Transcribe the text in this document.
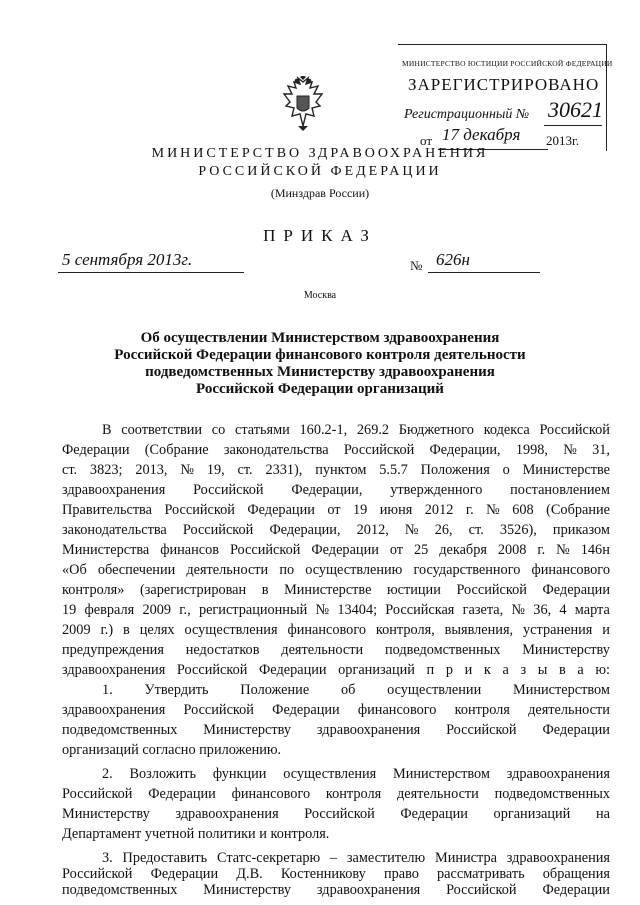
МИНИСТЕРСТВО ЮСТИЦИИ РОССИЙСКОЙ ФЕДЕРАЦИИ
ЗАРЕГИСТРИРОВАНО
Регистрационный № 30621
от 17 декабря 2013г.
МИНИСТЕРСТВО ЗДРАВООХРАНЕНИЯ
РОССИЙСКОЙ ФЕДЕРАЦИИ
(Минздрав России)
ПРИКАЗ
5 сентября 2013г.	№ 626н
Москва
Об осуществлении Министерством здравоохранения
Российской Федерации финансового контроля деятельности
подведомственных Министерству здравоохранения
Российской Федерации организаций
В соответствии со статьями 160.2-1, 269.2 Бюджетного кодекса Российской
Федерации (Собрание законодательства Российской Федерации, 1998, № 31,
ст. 3823; 2013, № 19, ст. 2331), пунктом 5.5.7 Положения о Министерстве
здравоохранения Российской Федерации, утвержденного постановлением
Правительства Российской Федерации от 19 июня 2012 г. № 608 (Собрание
законодательства Российской Федерации, 2012, № 26, ст. 3526), приказом
Министерства финансов Российской Федерации от 25 декабря 2008 г. № 146н
«Об обеспечении деятельности по осуществлению государственного финансового
контроля» (зарегистрирован в Министерстве юстиции Российской Федерации
19 февраля 2009 г., регистрационный № 13404; Российская газета, № 36, 4 марта
2009 г.) в целях осуществления финансового контроля, выявления, устранения и
предупреждения недостатков деятельности подведомственных Министерству
здравоохранения Российской Федерации организаций п р и к а з ы в а ю:
1. Утвердить Положение об осуществлении Министерством
здравоохранения Российской Федерации финансового контроля деятельности
подведомственных Министерству здравоохранения Российской Федерации
организаций согласно приложению.
2. Возложить функции осуществления Министерством здравоохранения
Российской Федерации финансового контроля деятельности подведомственных
Министерству здравоохранения Российской Федерации организаций на
Департамент учетной политики и контроля.
3. Предоставить Статс-секретарю – заместителю Министра здравоохранения
Российской Федерации Д.В. Костенникову право рассматривать обращения
подведомственных Министерству здравоохранения Российской Федерации
